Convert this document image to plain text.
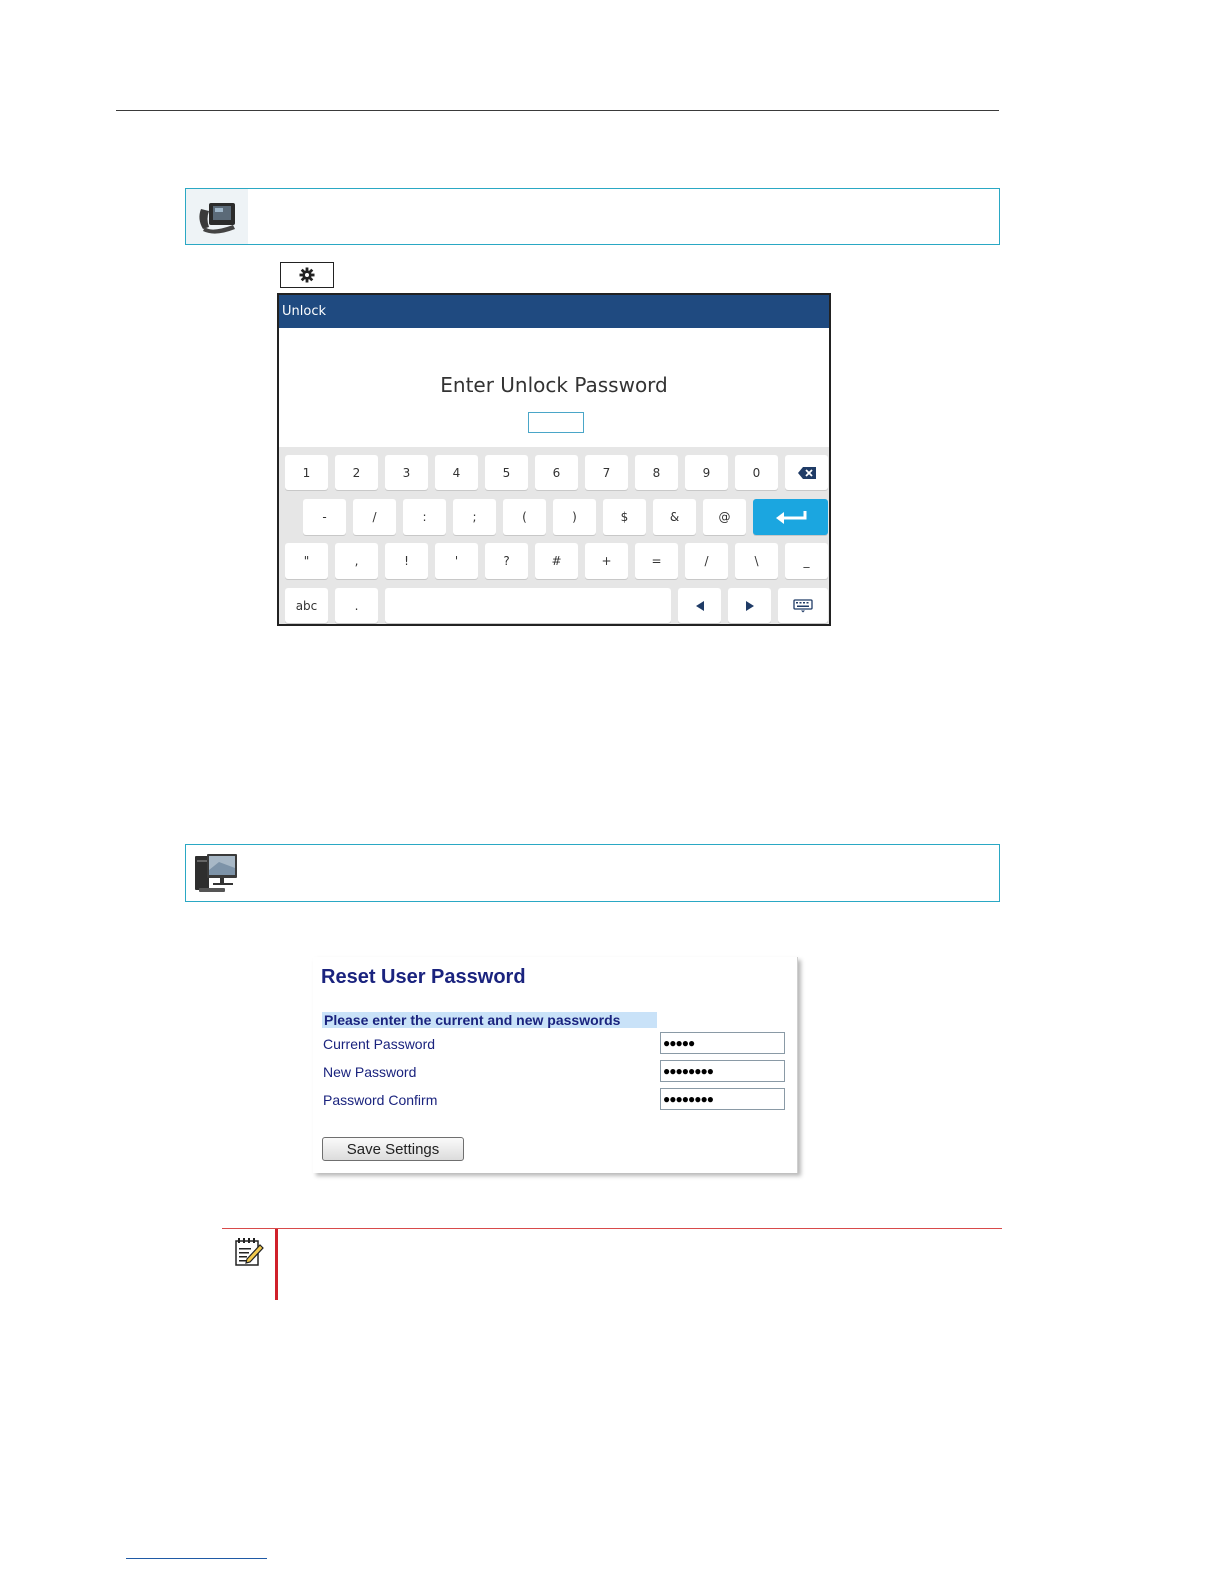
Unlock
Enter Unlock Password
1	2	3	4	5	6	7	8	9	0
-	/	:	;	(	)	$	&	@
"	,	!	'	?	#	+	=	/	\	_
abc	.
Reset User Password
Please enter the current and new passwords
Current Password	●●●●●
New Password	●●●●●●●●
Password Confirm	●●●●●●●●
Save Settings
